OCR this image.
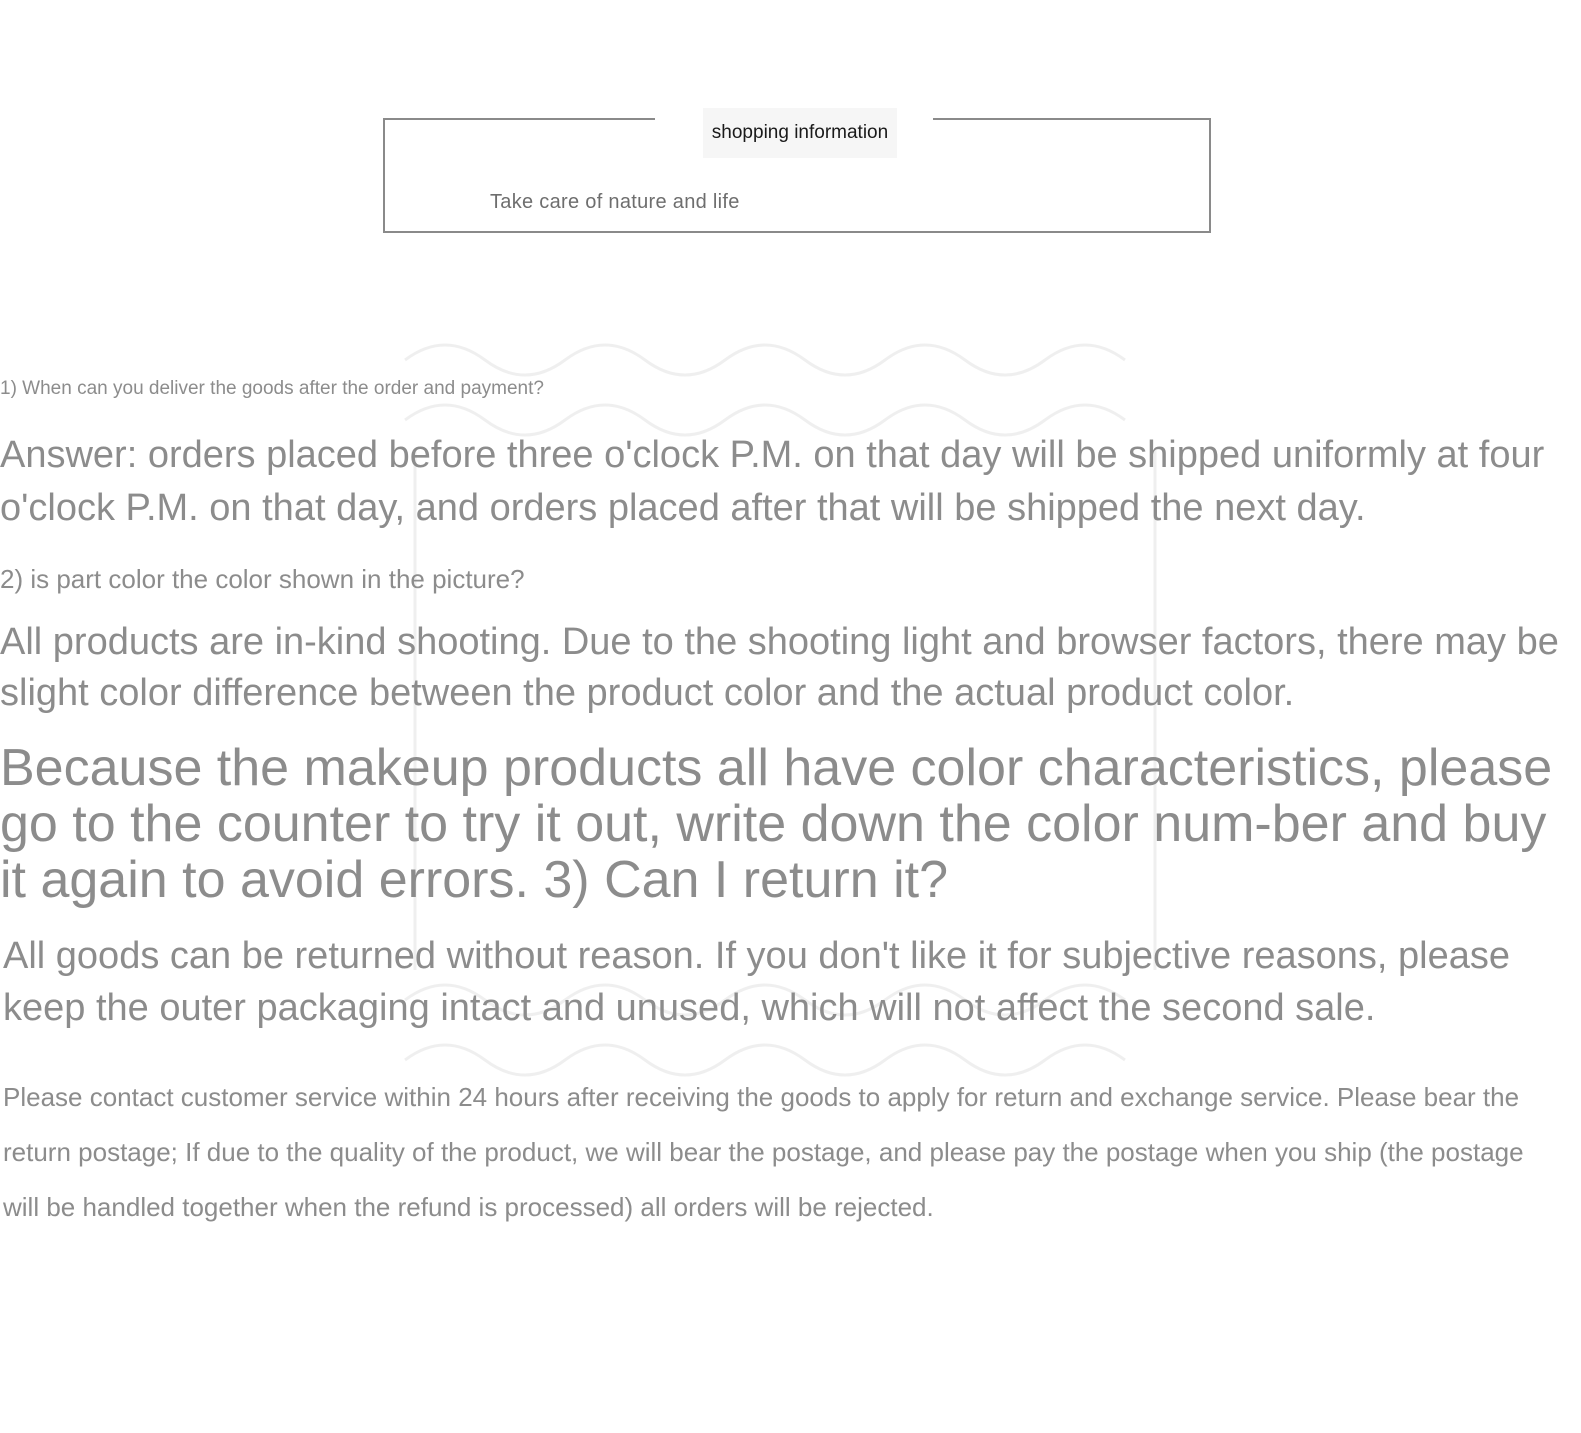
shopping information
Take care of nature and life

1) When can you deliver the goods after the order and payment?

Answer: orders placed before three o'clock P.M. on that day will be shipped uniformly at four o'clock P.M. on that day, and orders placed after that will be shipped the next day.

2) is part color the color shown in the picture?

All products are in-kind shooting. Due to the shooting light and browser factors, there may be slight color difference between the product color and the actual product color.

Because the makeup products all have color characteristics, please go to the counter to try it out, write down the color num-ber and buy it again to avoid errors. 3) Can I return it?

All goods can be returned without reason. If you don't like it for subjective reasons, please keep the outer packaging intact and unused, which will not affect the second sale.

Please contact customer service within 24 hours after receiving the goods to apply for return and exchange service. Please bear the return postage; If due to the quality of the product, we will bear the postage, and please pay the postage when you ship (the postage will be handled together when the refund is processed) all orders will be rejected.
